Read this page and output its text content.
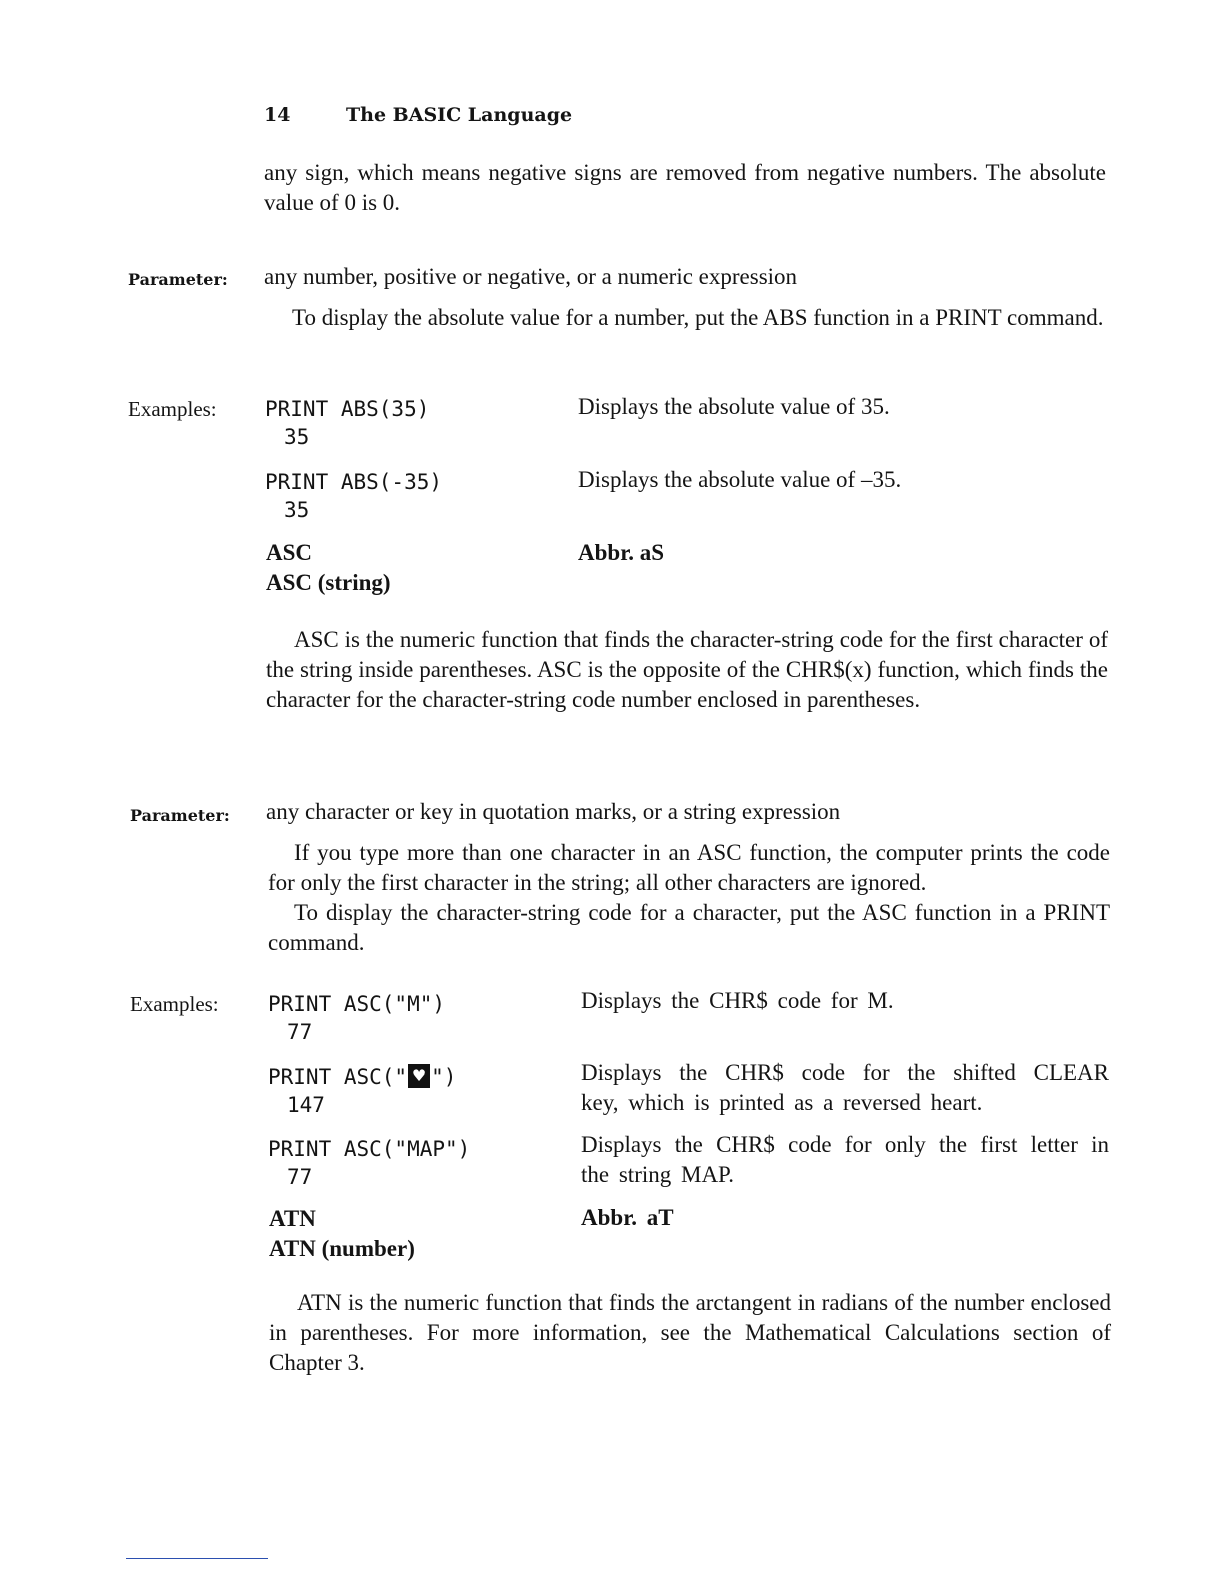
14	The BASIC Language
any sign, which means negative signs are removed from negative numbers. The absolute value of 0 is 0.
Parameter: any number, positive or negative, or a numeric expression
To display the absolute value for a number, put the ABS function in a PRINT command.
Examples: PRINT ABS(35)
35
Displays the absolute value of 35.
PRINT ABS(-35)
35
Displays the absolute value of –35.
ASC
ASC (string)
Abbr. aS
ASC is the numeric function that finds the character-string code for the first character of the string inside parentheses. ASC is the opposite of the CHR$(x) function, which finds the character for the character-string code number enclosed in parentheses.
Parameter: any character or key in quotation marks, or a string expression
If you type more than one character in an ASC function, the computer prints the code for only the first character in the string; all other characters are ignored.
To display the character-string code for a character, put the ASC function in a PRINT command.
Examples: PRINT ASC("M")
77
Displays the CHR$ code for M.
PRINT ASC(" ♥ ")
147
Displays the CHR$ code for the shifted CLEAR
key, which is printed as a reversed heart.
PRINT ASC("MAP")
77
Displays the CHR$ code for only the first letter in
the string MAP.
ATN
ATN (number)
Abbr. aT
ATN is the numeric function that finds the arctangent in radians of the number enclosed in parentheses. For more information, see the Mathematical Calculations section of Chapter 3.
